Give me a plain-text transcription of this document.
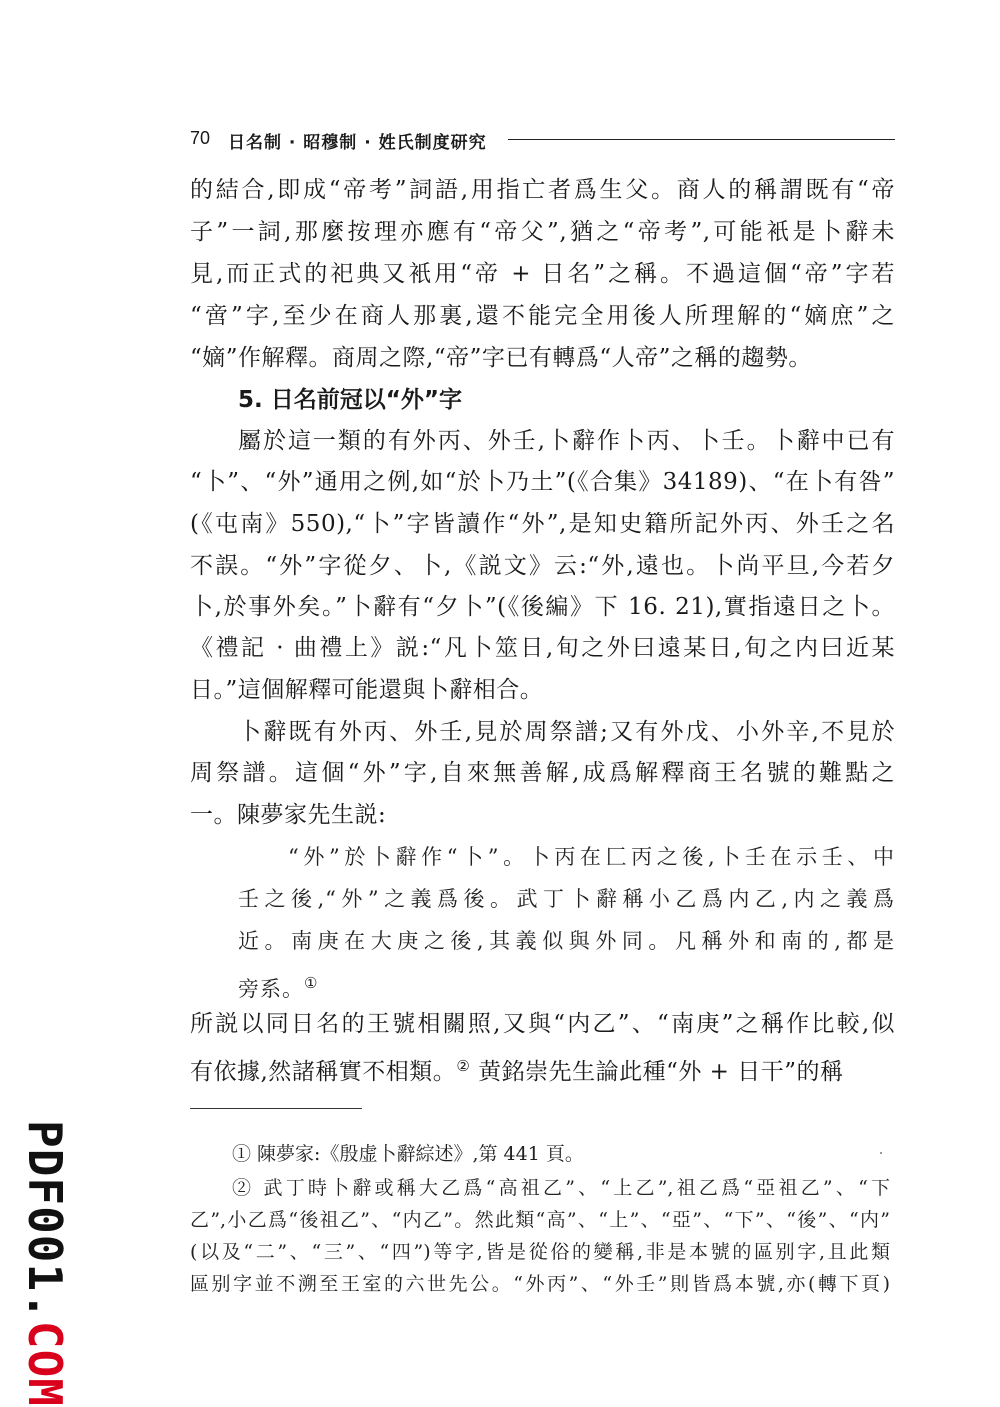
70 日名制 · 昭穆制 · 姓氏制度研究
的結合,即成“帝考”詞語,用指亡者爲生父。商人的稱謂既有“帝
子”一詞,那麼按理亦應有“帝父”,猶之“帝考”,可能衹是卜辭未
見,而正式的祀典又衹用“帝 + 日名”之稱。不過這個“帝”字若
“啻”字,至少在商人那裏,還不能完全用後人所理解的“嫡庶”之
“嫡”作解釋。商周之際,“帝”字已有轉爲“人帝”之稱的趨勢。
5. 日名前冠以“外”字
屬於這一類的有外丙、外壬,卜辭作卜丙、卜壬。卜辭中已有
“卜”、“外”通用之例,如“於卜乃土”(《合集》34189)、“在卜有咎”
(《屯南》550),“卜”字皆讀作“外”,是知史籍所記外丙、外壬之名
不誤。“外”字從夕、卜,《説文》云:“外,遠也。卜尚平旦,今若夕
卜,於事外矣。”卜辭有“夕卜”(《後編》下 16. 21),實指遠日之卜。
《禮記 · 曲禮上》説:“凡卜筮日,旬之外曰遠某日,旬之内曰近某
日。”這個解釋可能還與卜辭相合。
卜辭既有外丙、外壬,見於周祭譜;又有外戊、小外辛,不見於
周祭譜。這個“外”字,自來無善解,成爲解釋商王名號的難點之
一。陳夢家先生説:
“外”於卜辭作“卜”。卜丙在匚丙之後,卜壬在示壬、中
壬之後,“外”之義爲後。武丁卜辭稱小乙爲内乙,内之義爲
近。南庚在大庚之後,其義似與外同。凡稱外和南的,都是
旁系。①
所説以同日名的王號相關照,又與“内乙”、“南庚”之稱作比較,似
有依據,然諸稱實不相類。② 黄銘崇先生論此種“外 + 日干”的稱
① 陳夢家:《殷虚卜辭綜述》,第 441 頁。
② 武丁時卜辭或稱大乙爲“高祖乙”、“上乙”,祖乙爲“亞祖乙”、“下
乙”,小乙爲“後祖乙”、“内乙”。然此類“高”、“上”、“亞”、“下”、“後”、“内”
(以及“二”、“三”、“四”)等字,皆是從俗的變稱,非是本號的區别字,且此類
區别字並不溯至王室的六世先公。“外丙”、“外壬”則皆爲本號,亦(轉下頁)
PDF001.COM
